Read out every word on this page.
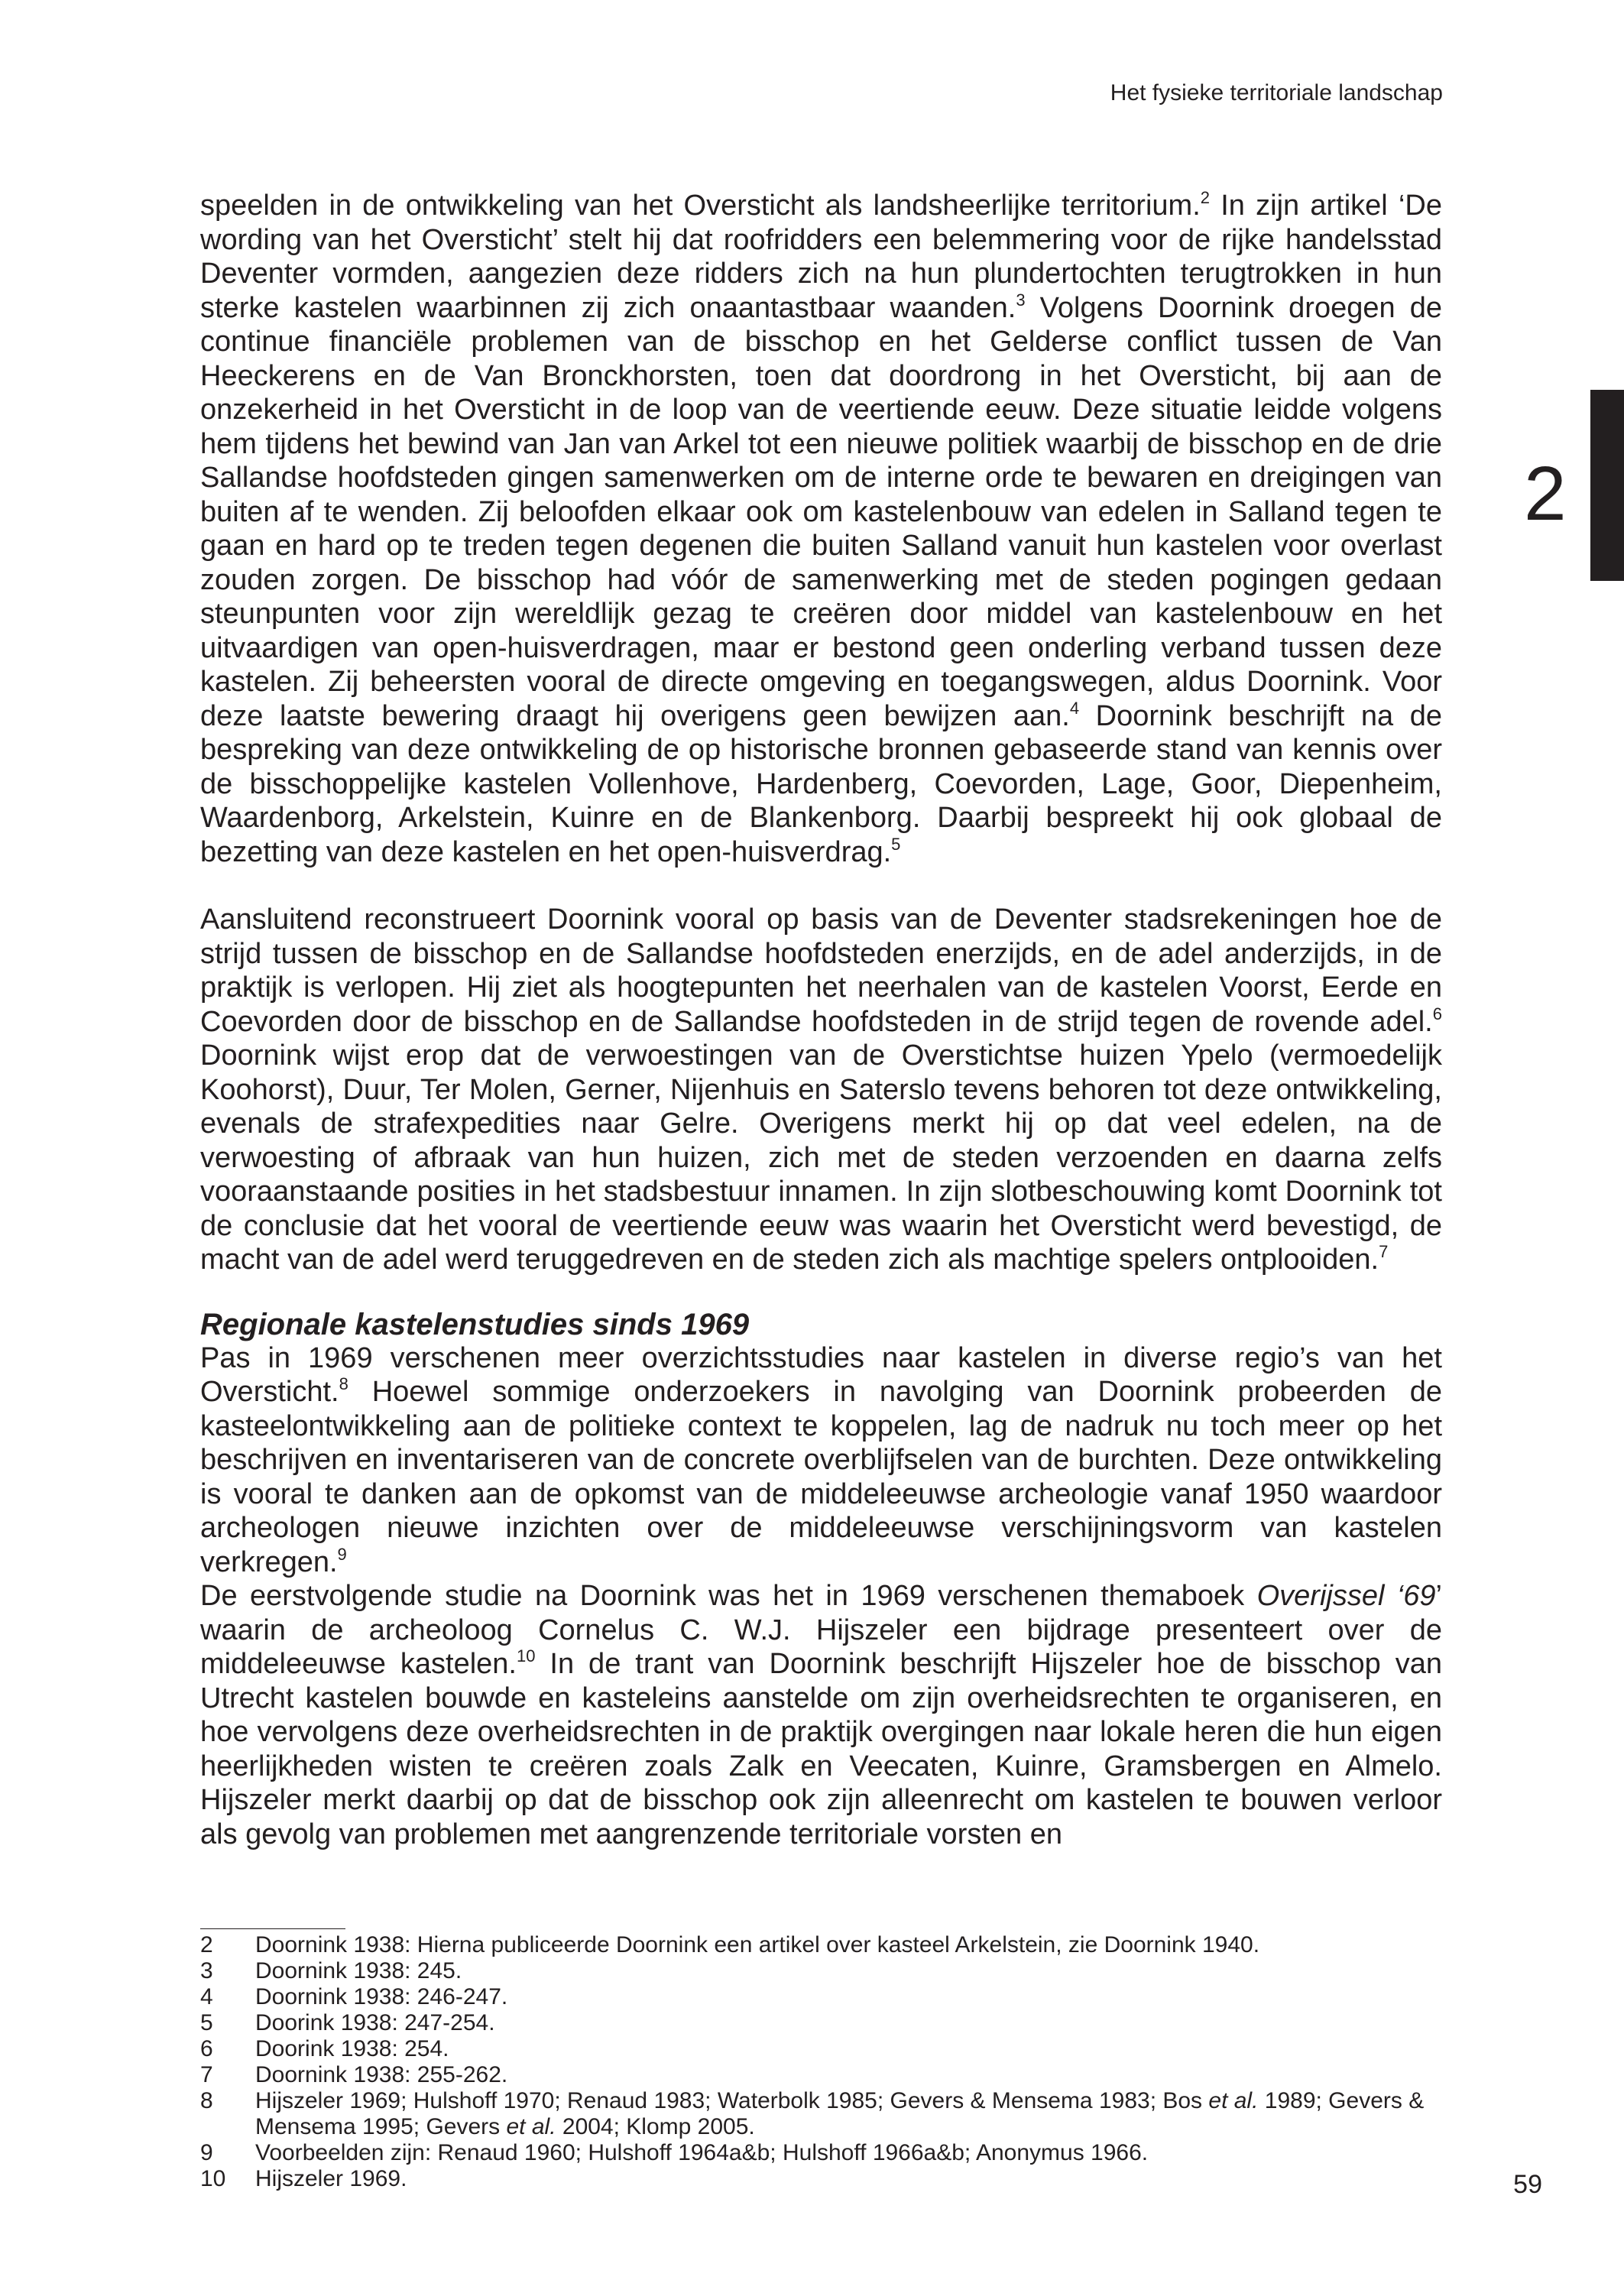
Het fysieke territoriale landschap
2

speelden in de ontwikkeling van het Oversticht als landsheerlijke territorium.$^2$ In zijn artikel ‘De wording van het Oversticht’ stelt hij dat roofridders een belemmering voor de rijke handelsstad Deventer vormden, aangezien deze ridders zich na hun plundertochten terugtrokken in hun sterke kastelen waarbinnen zij zich onaantastbaar waanden.$^3$ Volgens Doornink droegen de continue financiële problemen van de bisschop en het Gelderse conflict tussen de Van Heeckerens en de Van Bronckhorsten, toen dat doordrong in het Oversticht, bij aan de onzekerheid in het Oversticht in de loop van de veertiende eeuw. Deze situatie leidde volgens hem tijdens het bewind van Jan van Arkel tot een nieuwe politiek waarbij de bisschop en de drie Sallandse hoofdsteden gingen samenwerken om de interne orde te bewaren en dreigingen van buiten af te wenden. Zij beloofden elkaar ook om kastelenbouw van edelen in Salland tegen te gaan en hard op te treden tegen degenen die buiten Salland vanuit hun kastelen voor overlast zouden zorgen. De bisschop had vóór de samenwerking met de steden pogingen gedaan steunpunten voor zijn wereldlijk gezag te creëren door middel van kastelenbouw en het uitvaardigen van open-huisverdragen, maar er bestond geen onderling verband tussen deze kastelen. Zij beheersten vooral de directe omgeving en toegangswegen, aldus Doornink. Voor deze laatste bewering draagt hij overigens geen bewijzen aan.$^4$ Doornink beschrijft na de bespreking van deze ontwikkeling de op historische bronnen gebaseerde stand van kennis over de bisschoppelijke kastelen Vollenhove, Hardenberg, Coevorden, Lage, Goor, Diepenheim, Waardenborg, Arkelstein, Kuinre en de Blankenborg. Daarbij bespreekt hij ook globaal de bezetting van deze kastelen en het open-huisverdrag.$^5$

Aansluitend reconstrueert Doornink vooral op basis van de Deventer stadsrekeningen hoe de strijd tussen de bisschop en de Sallandse hoofdsteden enerzijds, en de adel anderzijds, in de praktijk is verlopen. Hij ziet als hoogtepunten het neerhalen van de kastelen Voorst, Eerde en Coevorden door de bisschop en de Sallandse hoofdsteden in de strijd tegen de rovende adel.$^6$ Doornink wijst erop dat de verwoestingen van de Overstichtse huizen Ypelo (vermoedelijk Koohorst), Duur, Ter Molen, Gerner, Nijenhuis en Saterslo tevens behoren tot deze ontwikkeling, evenals de strafexpedities naar Gelre. Overigens merkt hij op dat veel edelen, na de verwoesting of afbraak van hun huizen, zich met de steden verzoenden en daarna zelfs vooraanstaande posities in het stadsbestuur innamen. In zijn slotbeschouwing komt Doornink tot de conclusie dat het vooral de veertiende eeuw was waarin het Oversticht werd bevestigd, de macht van de adel werd teruggedreven en de steden zich als machtige spelers ontplooiden.$^7$

Regionale kastelenstudies sinds 1969

Pas in 1969 verschenen meer overzichtsstudies naar kastelen in diverse regio’s van het Oversticht.$^8$ Hoewel sommige onderzoekers in navolging van Doornink probeerden de kasteelontwikkeling aan de politieke context te koppelen, lag de nadruk nu toch meer op het beschrijven en inventariseren van de concrete overblijfselen van de burchten. Deze ontwikkeling is vooral te danken aan de opkomst van de middeleeuwse archeologie vanaf 1950 waardoor archeologen nieuwe inzichten over de middeleeuwse verschijningsvorm van kastelen verkregen.$^9$

De eerstvolgende studie na Doornink was het in 1969 verschenen themaboek Overijssel ‘69’ waarin de archeoloog Cornelus C. W.J. Hijszeler een bijdrage presenteert over de middeleeuwse kastelen.$^{10}$ In de trant van Doornink beschrijft Hijszeler hoe de bisschop van Utrecht kastelen bouwde en kasteleins aanstelde om zijn overheidsrechten te organiseren, en hoe vervolgens deze overheidsrechten in de praktijk overgingen naar lokale heren die hun eigen heerlijkheden wisten te creëren zoals Zalk en Veecaten, Kuinre, Gramsbergen en Almelo. Hijszeler merkt daarbij op dat de bisschop ook zijn alleenrecht om kastelen te bouwen verloor als gevolg van problemen met aangrenzende territoriale vorsten en

2 Doornink 1938: Hierna publiceerde Doornink een artikel over kasteel Arkelstein, zie Doornink 1940.

3 Doornink 1938: 245.

4 Doornink 1938: 246-247.

5 Doorink 1938: 247-254.

6 Doorink 1938: 254.

7 Doornink 1938: 255-262.

8 Hijszeler 1969; Hulshoff 1970; Renaud 1983; Waterbolk 1985; Gevers & Mensema 1983; Bos et al. 1989; Gevers & Mensema 1995; Gevers et al. 2004; Klomp 2005.

9 Voorbeelden zijn: Renaud 1960; Hulshoff 1964a&b; Hulshoff 1966a&b; Anonymus 1966.

10 Hijszeler 1969.	59
